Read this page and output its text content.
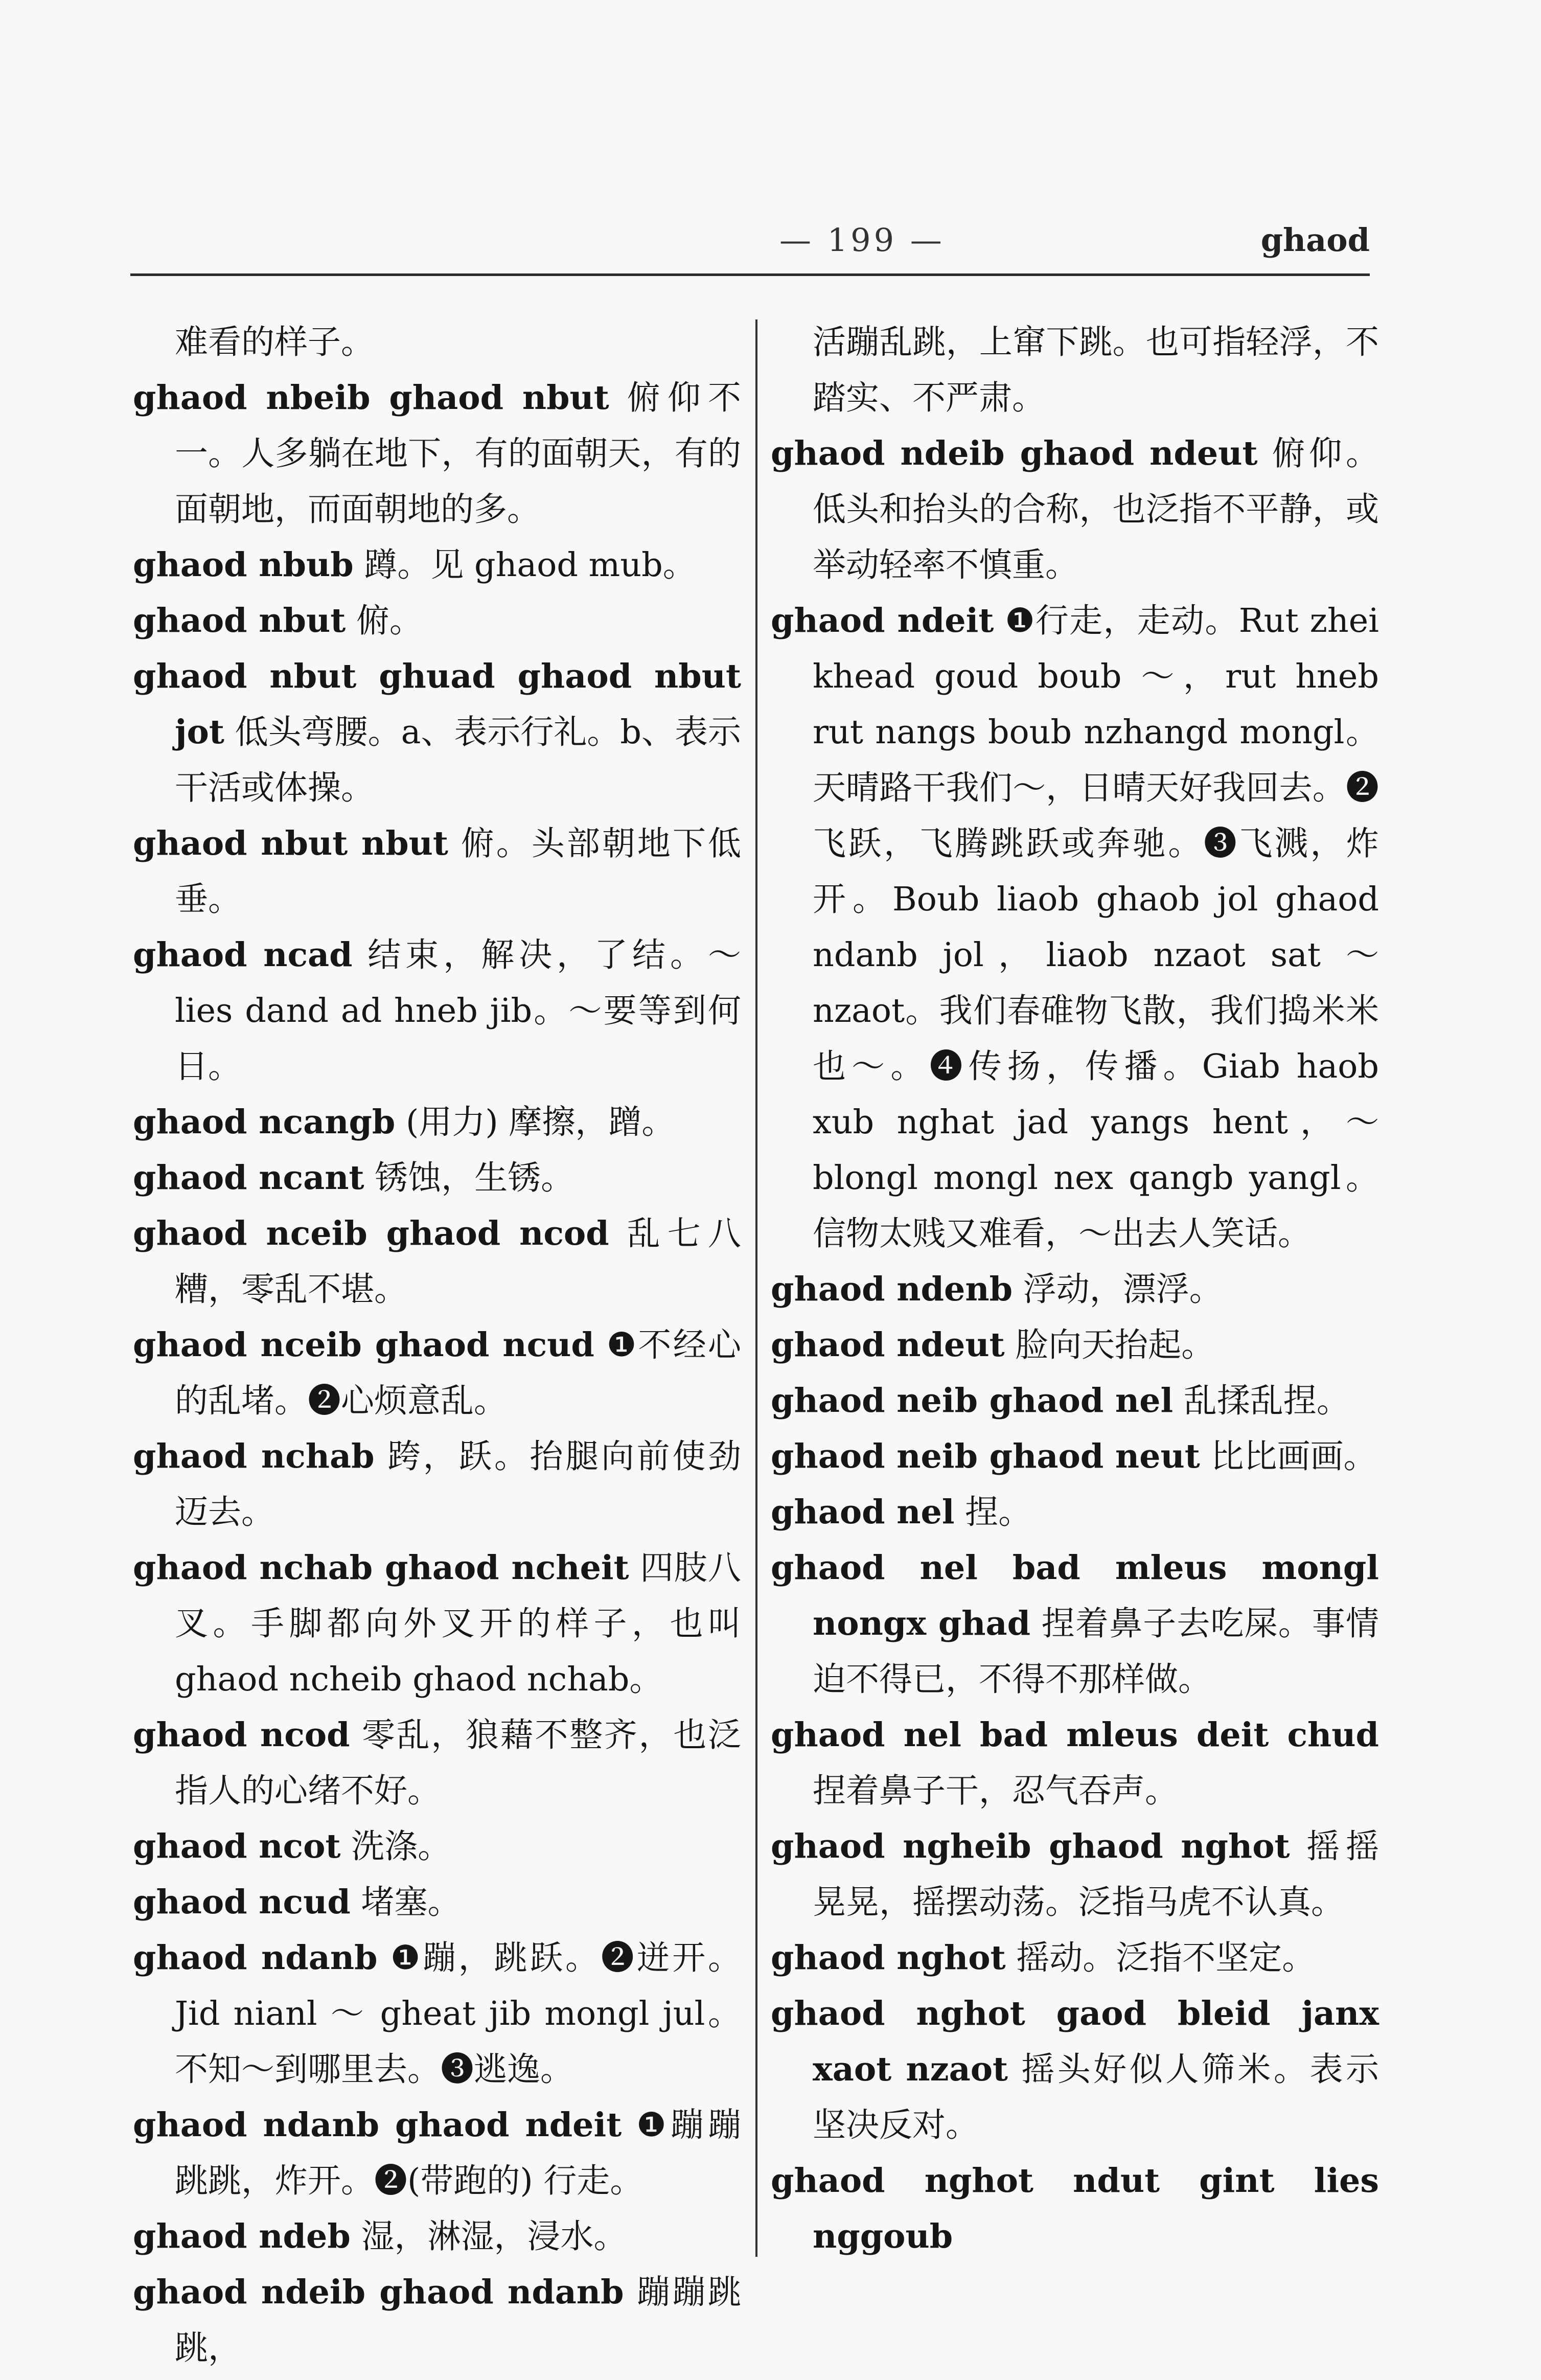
— 199 —	ghaod

难看的样子。

ghaod nbeib ghaod nbut 俯仰不一。人多躺在地下，有的面朝天，有的面朝地，而面朝地的多。

ghaod nbub 蹲。见 ghaod mub。

ghaod nbut 俯。

ghaod nbut ghuad ghaod nbut jot 低头弯腰。a、表示行礼。b、表示干活或体操。

ghaod nbut nbut 俯。头部朝地下低垂。

ghaod ncad 结束，解决，了结。～ lies dand ad hneb jib。～要等到何日。

ghaod ncangb (用力) 摩擦，蹭。

ghaod ncant 锈蚀，生锈。

ghaod nceib ghaod ncod 乱七八糟，零乱不堪。

ghaod nceib ghaod ncud ❶不经心的乱堵。❷心烦意乱。

ghaod nchab 跨，跃。抬腿向前使劲迈去。

ghaod nchab ghaod ncheit 四肢八叉。手脚都向外叉开的样子，也叫 ghaod ncheib ghaod nchab。

ghaod ncod 零乱，狼藉不整齐，也泛指人的心绪不好。

ghaod ncot 洗涤。

ghaod ncud 堵塞。

ghaod ndanb ❶蹦，跳跃。❷迸开。Jid nianl ～ gheat jib mongl jul。不知～到哪里去。❸逃逸。

ghaod ndanb ghaod ndeit ❶蹦蹦跳跳，炸开。❷(带跑的) 行走。

ghaod ndeb 湿，淋湿，浸水。

ghaod ndeib ghaod ndanb 蹦蹦跳跳，

活蹦乱跳，上窜下跳。也可指轻浮，不踏实、不严肃。

ghaod ndeib ghaod ndeut 俯仰。低头和抬头的合称，也泛指不平静，或举动轻率不慎重。

ghaod ndeit ❶行走，走动。Rut zhei khead goud boub ～，rut hneb rut nangs boub nzhangd mongl。天晴路干我们～，日晴天好我回去。❷飞跃，飞腾跳跃或奔驰。❸飞溅，炸开。Boub liaob ghaob jol ghaod ndanb jol，liaob nzaot sat ～ nzaot。我们春碓物飞散，我们捣米米也～。❹传扬，传播。Giab haob xub nghat jad yangs hent，～ blongl mongl nex qangb yangl。信物太贱又难看，～出去人笑话。

ghaod ndenb 浮动，漂浮。

ghaod ndeut 脸向天抬起。

ghaod neib ghaod nel 乱揉乱捏。

ghaod neib ghaod neut 比比画画。

ghaod nel 捏。

ghaod nel bad mleus mongl nongx ghad 捏着鼻子去吃屎。事情迫不得已，不得不那样做。

ghaod nel bad mleus deit chud 捏着鼻子干，忍气吞声。

ghaod ngheib ghaod nghot 摇摇晃晃，摇摆动荡。泛指马虎不认真。

ghaod nghot 摇动。泛指不坚定。

ghaod nghot gaod bleid janx xaot nzaot 摇头好似人筛米。表示坚决反对。

ghaod nghot ndut gint lies nggoub
